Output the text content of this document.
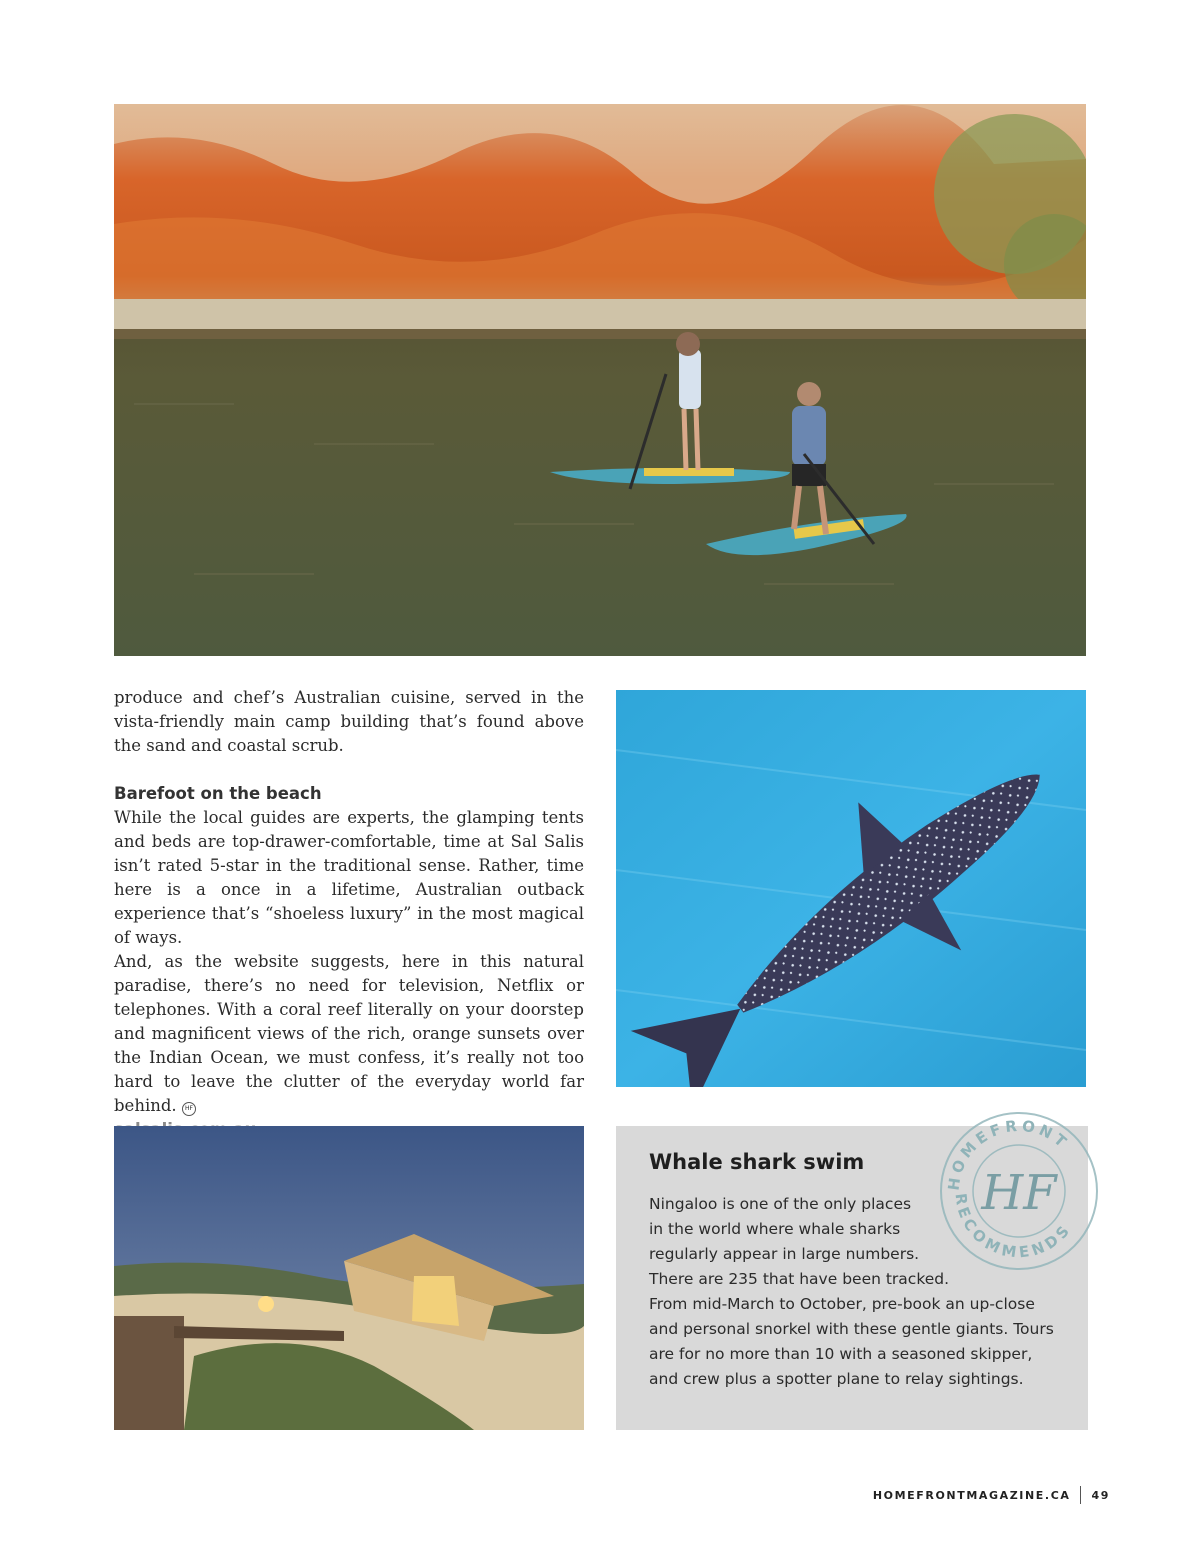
produce and chef’s Australian cuisine, served in the vista-friendly main camp building that’s found above the sand and coastal scrub.

Barefoot on the beach

While the local guides are experts, the glamping tents and beds are top-drawer-comfortable, time at Sal Salis isn’t rated 5-star in the traditional sense. Rather, time here is a once in a lifetime, Australian outback experience that’s “shoeless luxury” in the most magical of ways.

And, as the website suggests, here in this natural paradise, there’s no need for television, Netflix or telephones. With a coral reef literally on your doorstep and magnificent views of the rich, orange sunsets over the Indian Ocean, we must confess, it’s really not too hard to leave the clutter of the everyday world far behind. HF

Whale shark swim
Ningaloo is one of the only places
in the world where whale sharks
regularly appear in large numbers.
There are 235 that have been tracked.
From mid-March to October, pre-book an up-close
and personal snorkel with these gentle giants. Tours
are for no more than 10 with a seasoned skipper,
and crew plus a spotter plane to relay sightings.
HOMEFRONT
RECOMMENDS
HF
HOMEFRONTMAGAZINE.CA 49
